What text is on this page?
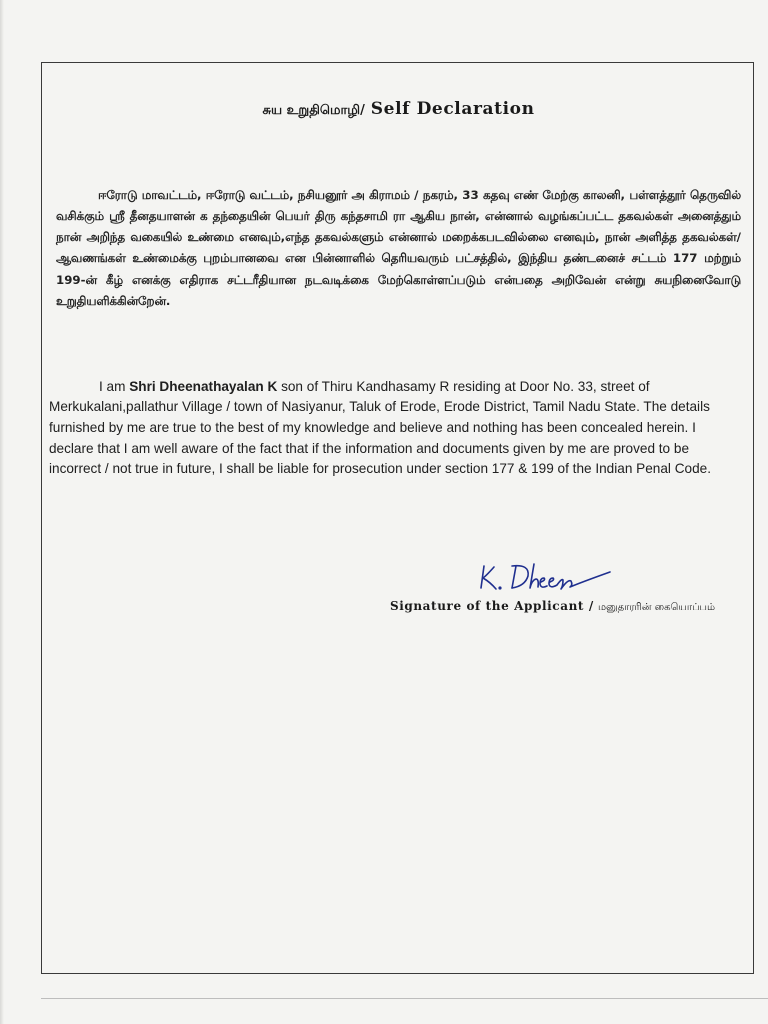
சுய உறுதிமொழி/ Self Declaration

ஈரோடு மாவட்டம், ஈரோடு வட்டம், நசியனூர் அ கிராமம் / நகரம், 33 கதவு எண் மேற்கு காலனி, பள்ளத்தூர் தெருவில் வசிக்கும் ஸ்ரீ தீனதயாளன் க தந்தையின் பெயர் திரு கந்தசாமி ரா ஆகிய நான், என்னால் வழங்கப்பட்ட தகவல்கள் அனைத்தும் நான் அறிந்த வகையில் உண்மை எனவும்,எந்த தகவல்களும் என்னால் மறைக்கபடவில்லை எனவும், நான் அளித்த தகவல்கள்/ ஆவணங்கள் உண்மைக்கு புறம்பானவை என பின்னாளில் தெரியவரும் பட்சத்தில், இந்திய தண்டனைச் சட்டம் 177 மற்றும் 199-ன் கீழ் எனக்கு எதிராக சட்டரீதியான நடவடிக்கை மேற்கொள்ளப்படும் என்பதை அறிவேன் என்று சுயநினைவோடு உறுதியளிக்கின்றேன்.

I am Shri Dheenathayalan K son of Thiru Kandhasamy R residing at Door No. 33, street of Merkukalani,pallathur Village / town of Nasiyanur, Taluk of Erode, Erode District, Tamil Nadu State. The details furnished by me are true to the best of my knowledge and believe and nothing has been concealed herein. I declare that I am well aware of the fact that if the information and documents given by me are proved to be incorrect / not true in future, I shall be liable for prosecution under section 177 & 199 of the Indian Penal Code.

Signature of the Applicant / மனுதாரரின் கையொப்பம்
